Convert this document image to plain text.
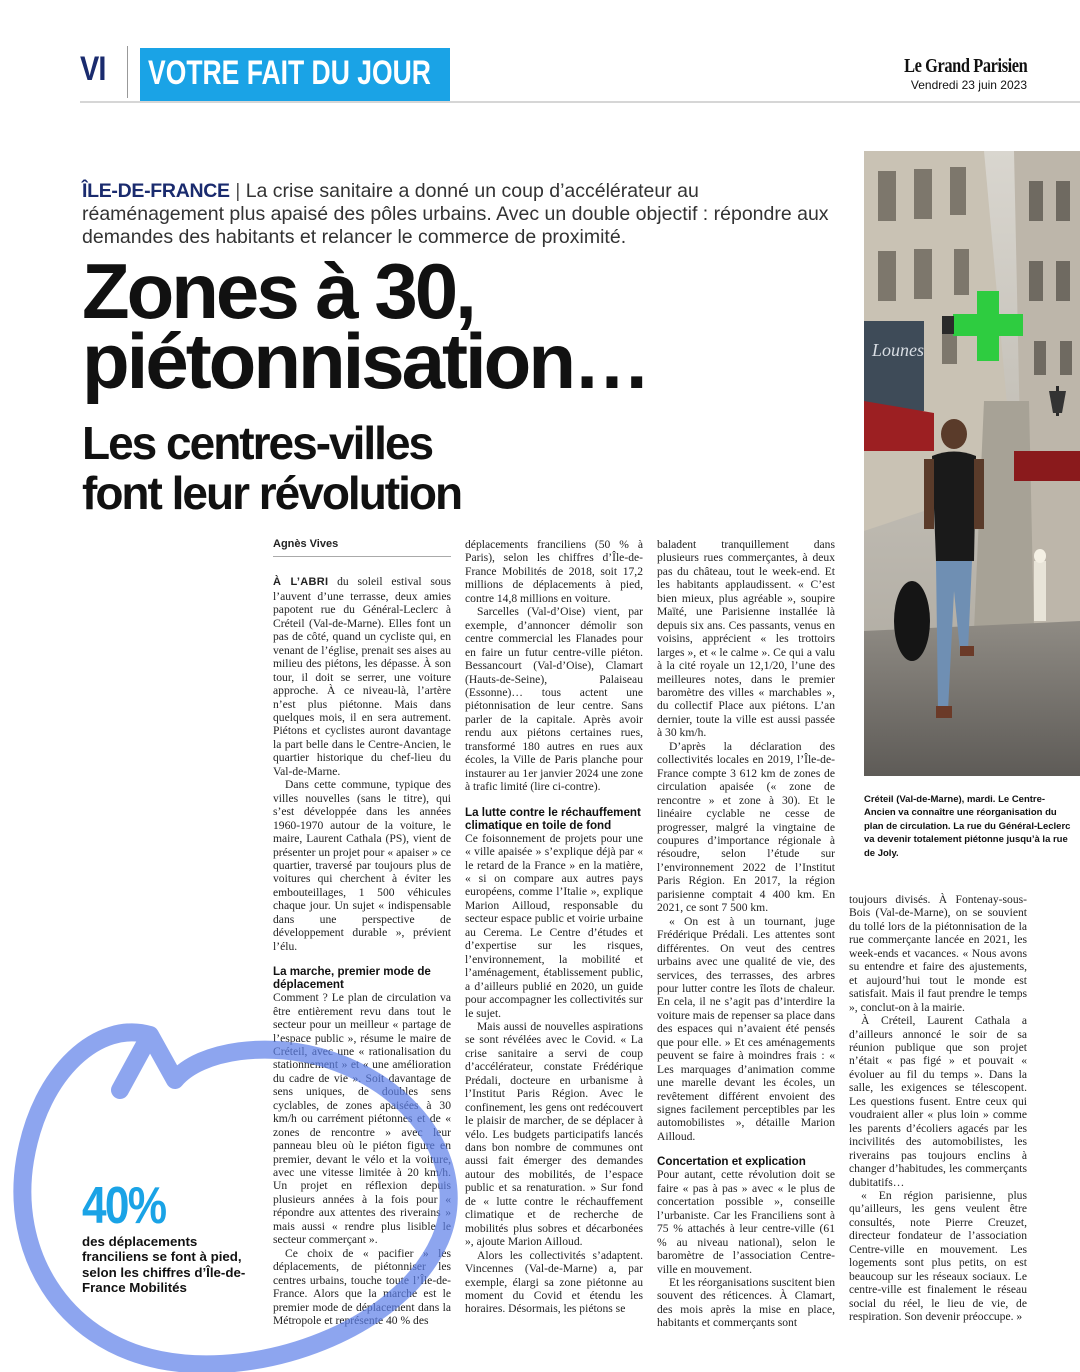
VI VOTRE FAIT DU JOUR	Le Grand Parisien
Vendredi 23 juin 2023
ÎLE-DE-FRANCE | La crise sanitaire a donné un coup d’accélérateur au réaménagement plus apaisé des pôles urbains. Avec un double objectif : répondre aux demandes des habitants et relancer le commerce de proximité.
Zones à 30,
piétonnisation…
Les centres-villes
font leur révolution
Lounes
Créteil (Val-de-Marne), mardi. Le Centre-Ancien va connaître une réorganisation du plan de circulation. La rue du Général-Leclerc va devenir totalement piétonne jusqu’à la rue de Joly.
Agnès Vives

À L’ABRI du soleil estival sous l’auvent d’une terrasse, deux amies papotent rue du Général-Leclerc à Créteil (Val-de-Marne). Elles font un pas de côté, quand un cycliste qui, en venant de l’église, prenait ses aises au milieu des piétons, les dépasse. À son tour, il doit se serrer, une voiture approche. À ce niveau-là, l’artère n’est plus piétonne. Mais dans quelques mois, il en sera autrement. Piétons et cyclistes auront davantage la part belle dans le Centre-Ancien, le quartier historique du chef-lieu du Val-de-Marne.

Dans cette commune, typique des villes nouvelles (sans le titre), qui s’est développée dans les années 1960-1970 autour de la voiture, le maire, Laurent Cathala (PS), vient de présenter un projet pour « apaiser » ce quartier, traversé par toujours plus de voitures qui cherchent à éviter les embouteillages, 1 500 véhicules chaque jour. Un sujet « indispensable dans une perspective de développement durable », prévient l’élu.

La marche, premier mode de déplacement

Comment ? Le plan de circulation va être entièrement revu dans tout le secteur pour un meilleur « partage de l’espace public », résume le maire de Créteil, avec une « rationalisation du stationnement » et « une amélioration du cadre de vie ». Soit davantage de sens uniques, de doubles sens cyclables, de zones apaisées à 30 km/h ou carrément piétonnes et de « zones de rencontre » avec leur panneau bleu où le piéton figure en premier, devant le vélo et la voiture, avec une vitesse limitée à 20 km/h. Un projet en réflexion depuis plusieurs années à la fois pour « répondre aux attentes des riverains » mais aussi « rendre plus lisible le secteur commerçant ».

Ce choix de « pacifier » les déplacements, de piétonniser les centres urbains, touche toute l’Île-de-France. Alors que la marche est le premier mode de déplacement dans la Métropole et représente 40 % des

déplacements franciliens (50 % à Paris), selon les chiffres d’Île-de-France Mobilités de 2018, soit 17,2 millions de déplacements à pied, contre 14,8 millions en voiture.

Sarcelles (Val-d’Oise) vient, par exemple, d’annoncer démolir son centre commercial les Flanades pour en faire un futur centre-ville piéton. Bessancourt (Val-d’Oise), Clamart (Hauts-de-Seine), Palaiseau (Essonne)… tous actent une piétonnisation de leur centre. Sans parler de la capitale. Après avoir rendu aux piétons certaines rues, transformé 180 autres en rues aux écoles, la Ville de Paris planche pour instaurer au 1er janvier 2024 une zone à trafic limité (lire ci-contre).

La lutte contre le réchauffement climatique en toile de fond

Ce foisonnement de projets pour une « ville apaisée » s’explique déjà par « le retard de la France » en la matière, « si on compare aux autres pays européens, comme l’Italie », explique Marion Ailloud, responsable du secteur espace public et voirie urbaine au Cerema. Le Centre d’études et d’expertise sur les risques, l’environnement, la mobilité et l’aménagement, établissement public, a d’ailleurs publié en 2020, un guide pour accompagner les collectivités sur le sujet.

Mais aussi de nouvelles aspirations se sont révélées avec le Covid. « La crise sanitaire a servi de coup d’accélérateur, constate Frédérique Prédali, docteure en urbanisme à l’Institut Paris Région. Avec le confinement, les gens ont redécouvert le plaisir de marcher, de se déplacer à vélo. Les budgets participatifs lancés dans bon nombre de communes ont aussi fait émerger des demandes autour des mobilités, de l’espace public et sa renaturation. » Sur fond de « lutte contre le réchauffement climatique et de recherche de mobilités plus sobres et décarbonées », ajoute Marion Ailloud.

Alors les collectivités s’adaptent. Vincennes (Val-de-Marne) a, par exemple, élargi sa zone piétonne au moment du Covid et étendu les horaires. Désormais, les piétons se

baladent tranquillement dans plusieurs rues commerçantes, à deux pas du château, tout le week-end. Et les habitants applaudissent. « C’est bien mieux, plus agréable », soupire Maïté, une Parisienne installée là depuis six ans. Ces passants, venus en voisins, apprécient « les trottoirs larges », et « le calme ». Ce qui a valu à la cité royale un 12,1/20, l’une des meilleures notes, dans le premier baromètre des villes « marchables », du collectif Place aux piétons. L’an dernier, toute la ville est aussi passée à 30 km/h.

D’après la déclaration des collectivités locales en 2019, l’Île-de-France compte 3 612 km de zones de circulation apaisée (« zone de rencontre » et zone à 30). Et le linéaire cyclable ne cesse de progresser, malgré la vingtaine de coupures d’importance régionale à résoudre, selon l’étude sur l’environnement 2022 de l’Institut Paris Région. En 2017, la région parisienne comptait 4 400 km. En 2021, ce sont 7 500 km.

« On est à un tournant, juge Frédérique Prédali. Les attentes sont différentes. On veut des centres urbains avec une qualité de vie, des services, des terrasses, des arbres pour lutter contre les îlots de chaleur. En cela, il ne s’agit pas d’interdire la voiture mais de repenser sa place dans des espaces qui n’avaient été pensés que pour elle. » Et ces aménagements peuvent se faire à moindres frais : « Les marquages d’animation comme une marelle devant les écoles, un revêtement différent envoient des signes facilement perceptibles par les automobilistes », détaille Marion Ailloud.

Concertation et explication

Pour autant, cette révolution doit se faire « pas à pas » avec « le plus de concertation possible », conseille l’urbaniste. Car les Franciliens sont à 75 % attachés à leur centre-ville (61 % au niveau national), selon le baromètre de l’association Centre-ville en mouvement.

Et les réorganisations suscitent bien souvent des réticences. À Clamart, des mois après la mise en place, habitants et commerçants sont

toujours divisés. À Fontenay-sous-Bois (Val-de-Marne), on se souvient du tollé lors de la piétonnisation de la rue commerçante lancée en 2021, les week-ends et vacances. « Nous avons su entendre et faire des ajustements, et aujourd’hui tout le monde est satisfait. Mais il faut prendre le temps », conclut-on à la mairie.

À Créteil, Laurent Cathala a d’ailleurs annoncé le soir de sa réunion publique que son projet n’était « pas figé » et pouvait « évoluer au fil du temps ». Dans la salle, les exigences se télescopent. Les questions fusent. Entre ceux qui voudraient aller « plus loin » comme les parents d’écoliers agacés par les incivilités des automobilistes, les riverains pas toujours enclins à changer d’habitudes, les commerçants dubitatifs…

« En région parisienne, plus qu’ailleurs, les gens veulent être consultés, note Pierre Creuzet, directeur fondateur de l’association Centre-ville en mouvement. Les logements sont plus petits, on est beaucoup sur les réseaux sociaux. Le centre-ville est finalement le réseau social du réel, le lieu de vie, de respiration. Son devenir préoccupe. »

40%
des déplacements franciliens se font à pied, selon les chiffres d’Île-de-France Mobilités
